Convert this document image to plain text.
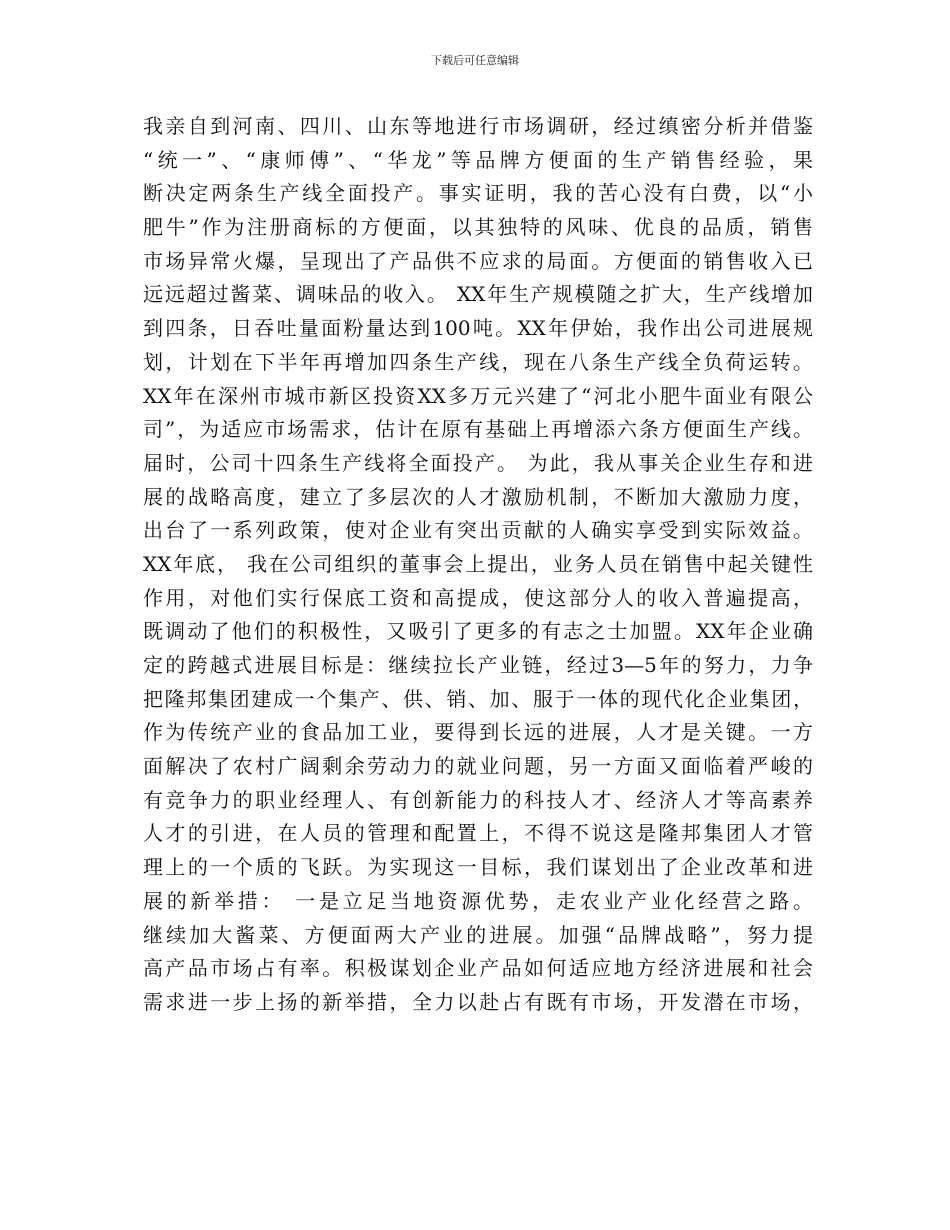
下载后可任意编辑
我亲自到河南、四川、山东等地进行市场调研，经过缜密分析并借鉴
“统一”、“康师傅”、“华龙”等品牌方便面的生产销售经验，果
断决定两条生产线全面投产。事实证明，我的苦心没有白费，以“小
肥牛”作为注册商标的方便面，以其独特的风味、优良的品质，销售
市场异常火爆，呈现出了产品供不应求的局面。方便面的销售收入已
远远超过酱菜、调味品的收入。 XX年生产规模随之扩大，生产线增加
到四条，日吞吐量面粉量达到100吨。XX年伊始，我作出公司进展规
划，计划在下半年再增加四条生产线，现在八条生产线全负荷运转。
XX年在深州市城市新区投资XX多万元兴建了“河北小肥牛面业有限公
司”，为适应市场需求，估计在原有基础上再增添六条方便面生产线。
届时，公司十四条生产线将全面投产。 为此，我从事关企业生存和进
展的战略高度，建立了多层次的人才激励机制，不断加大激励力度，
出台了一系列政策，使对企业有突出贡献的人确实享受到实际效益。
XX年底， 我在公司组织的董事会上提出，业务人员在销售中起关键性
作用，对他们实行保底工资和高提成，使这部分人的收入普遍提高，
既调动了他们的积极性，又吸引了更多的有志之士加盟。XX年企业确
定的跨越式进展目标是：继续拉长产业链，经过3—5年的努力，力争
把隆邦集团建成一个集产、供、销、加、服于一体的现代化企业集团，
作为传统产业的食品加工业，要得到长远的进展，人才是关键。一方
面解决了农村广阔剩余劳动力的就业问题，另一方面又面临着严峻的
有竞争力的职业经理人、有创新能力的科技人才、经济人才等高素养
人才的引进，在人员的管理和配置上，不得不说这是隆邦集团人才管
理上的一个质的飞跃。为实现这一目标，我们谋划出了企业改革和进
展的新举措： 一是立足当地资源优势，走农业产业化经营之路。
继续加大酱菜、方便面两大产业的进展。加强“品牌战略”，努力提
高产品市场占有率。积极谋划企业产品如何适应地方经济进展和社会
需求进一步上扬的新举措，全力以赴占有既有市场，开发潜在市场，
